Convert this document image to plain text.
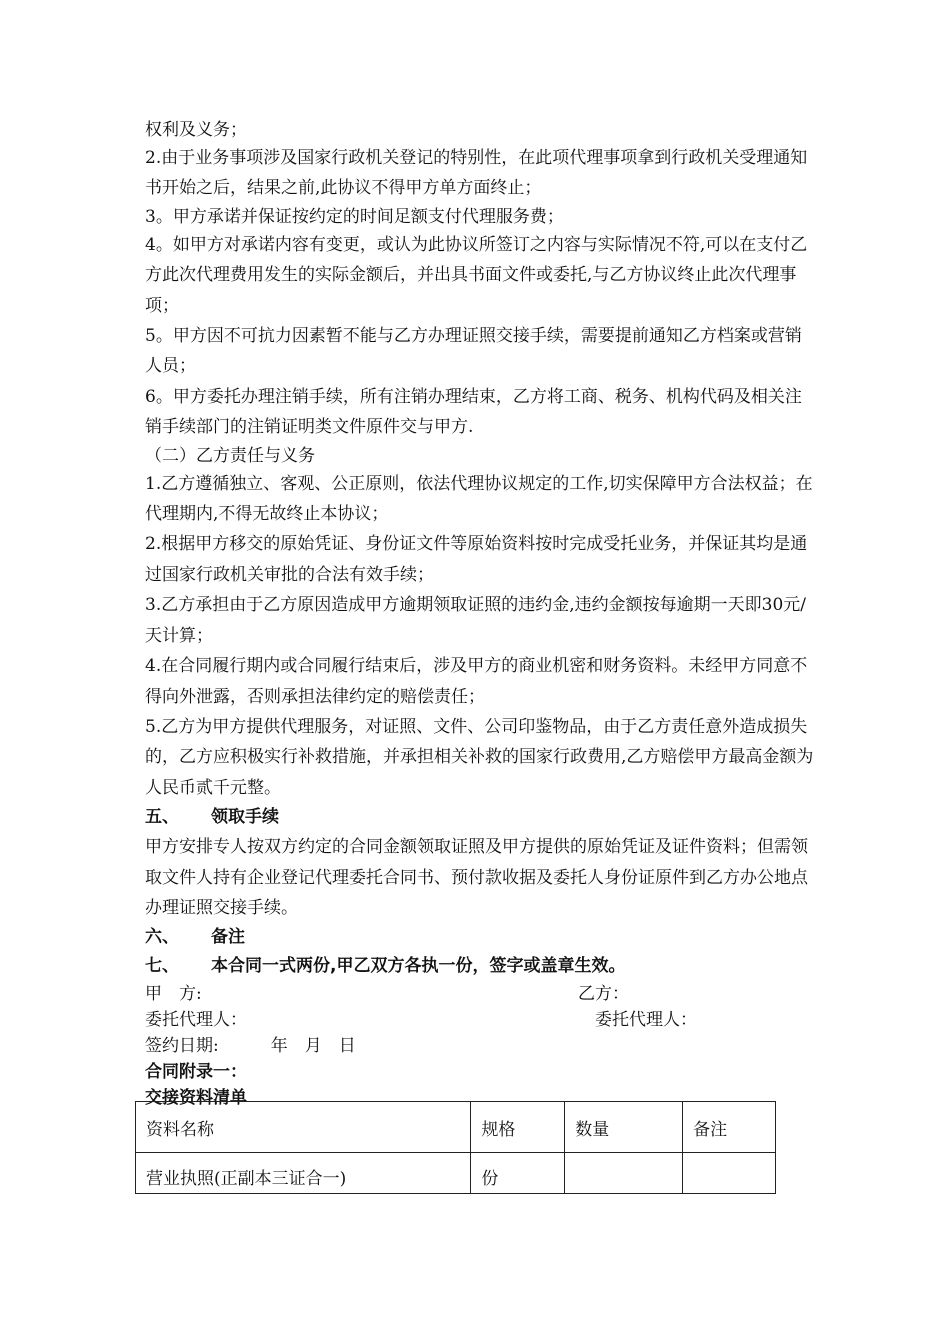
权利及义务；

2.由于业务事项涉及国家行政机关登记的特别性，在此项代理事项拿到行政机关受理通知书开始之后，结果之前,此协议不得甲方单方面终止；

3。甲方承诺并保证按约定的时间足额支付代理服务费；

4。如甲方对承诺内容有变更，或认为此协议所签订之内容与实际情况不符,可以在支付乙方此次代理费用发生的实际金额后，并出具书面文件或委托,与乙方协议终止此次代理事项；

5。甲方因不可抗力因素暂不能与乙方办理证照交接手续，需要提前通知乙方档案或营销人员；

6。甲方委托办理注销手续，所有注销办理结束，乙方将工商、税务、机构代码及相关注销手续部门的注销证明类文件原件交与甲方.

（二）乙方责任与义务

1.乙方遵循独立、客观、公正原则，依法代理协议规定的工作,切实保障甲方合法权益；在代理期内,不得无故终止本协议；

2.根据甲方移交的原始凭证、身份证文件等原始资料按时完成受托业务，并保证其均是通过国家行政机关审批的合法有效手续；

3.乙方承担由于乙方原因造成甲方逾期领取证照的违约金,违约金额按每逾期一天即30元/天计算；

4.在合同履行期内或合同履行结束后，涉及甲方的商业机密和财务资料。未经甲方同意不得向外泄露，否则承担法律约定的赔偿责任；

5.乙方为甲方提供代理服务，对证照、文件、公司印鉴物品，由于乙方责任意外造成损失的，乙方应积极实行补救措施，并承担相关补救的国家行政费用,乙方赔偿甲方最高金额为人民币贰千元整。

五、 领取手续

甲方安排专人按双方约定的合同金额领取证照及甲方提供的原始凭证及证件资料；但需领取文件人持有企业登记代理委托合同书、预付款收据及委托人身份证原件到乙方办公地点办理证照交接手续。

六、 备注
七、 本合同一式两份,甲乙双方各执一份，签字或盖章生效。
甲　方:	乙方：
委托代理人：	委托代理人：
签约日期:	年　月　日
合同附录一：
交接资料清单
资料名称	规格	数量	备注
营业执照(正副本三证合一)	份		
